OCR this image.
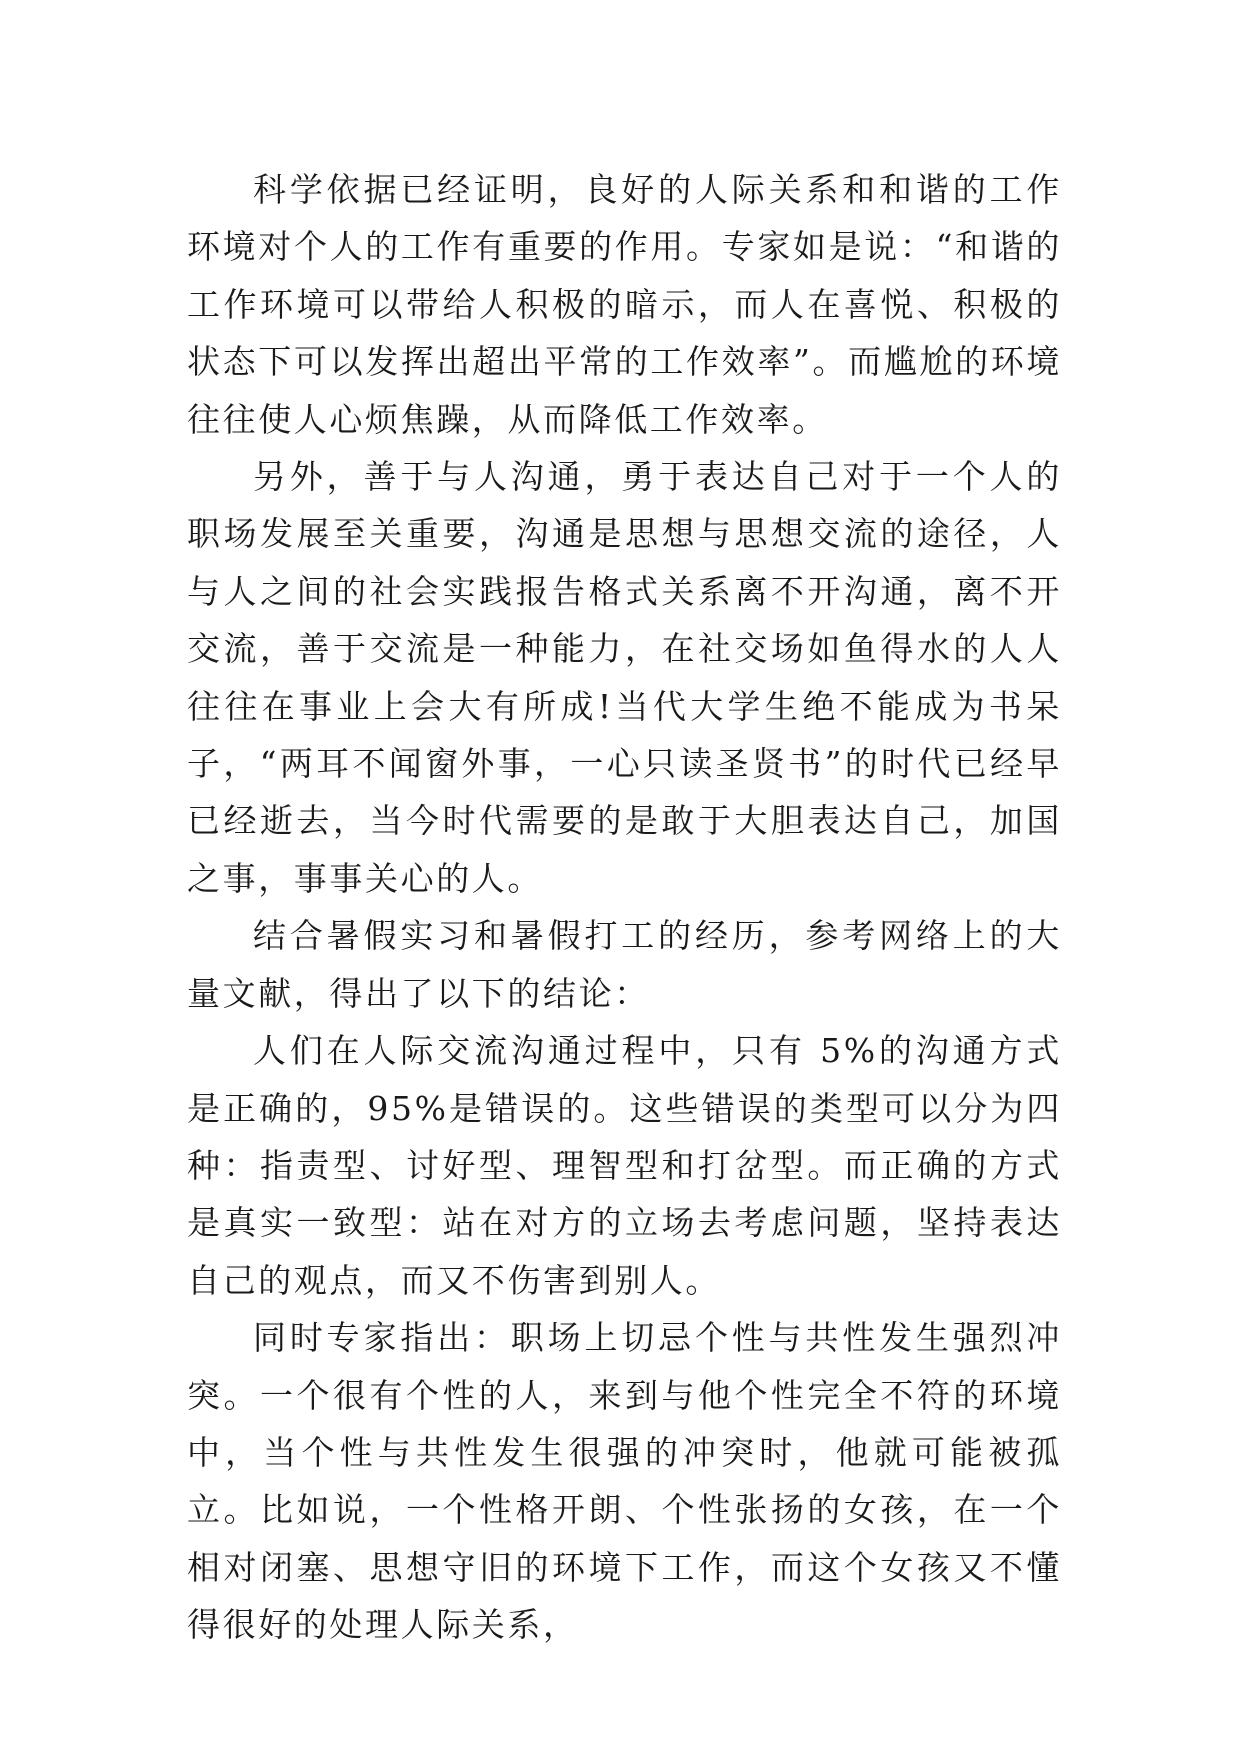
科学依据已经证明，良好的人际关系和和谐的工作环境对个人的工作有重要的作用。专家如是说：“和谐的工作环境可以带给人积极的暗示，而人在喜悦、积极的状态下可以发挥出超出平常的工作效率”。而尴尬的环境往往使人心烦焦躁，从而降低工作效率。

另外，善于与人沟通，勇于表达自己对于一个人的职场发展至关重要，沟通是思想与思想交流的途径，人与人之间的社会实践报告格式关系离不开沟通，离不开交流，善于交流是一种能力，在社交场如鱼得水的人人往往在事业上会大有所成!当代大学生绝不能成为书呆子，“两耳不闻窗外事，一心只读圣贤书”的时代已经早已经逝去，当今时代需要的是敢于大胆表达自己，加国之事，事事关心的人。

结合暑假实习和暑假打工的经历，参考网络上的大量文献，得出了以下的结论：

人们在人际交流沟通过程中，只有 5%的沟通方式是正确的，95%是错误的。这些错误的类型可以分为四种：指责型、讨好型、理智型和打岔型。而正确的方式是真实一致型：站在对方的立场去考虑问题，坚持表达自己的观点，而又不伤害到别人。

同时专家指出：职场上切忌个性与共性发生强烈冲突。一个很有个性的人，来到与他个性完全不符的环境中，当个性与共性发生很强的冲突时，他就可能被孤立。比如说，一个性格开朗、个性张扬的女孩，在一个相对闭塞、思想守旧的环境下工作，而这个女孩又不懂得很好的处理人际关系，
